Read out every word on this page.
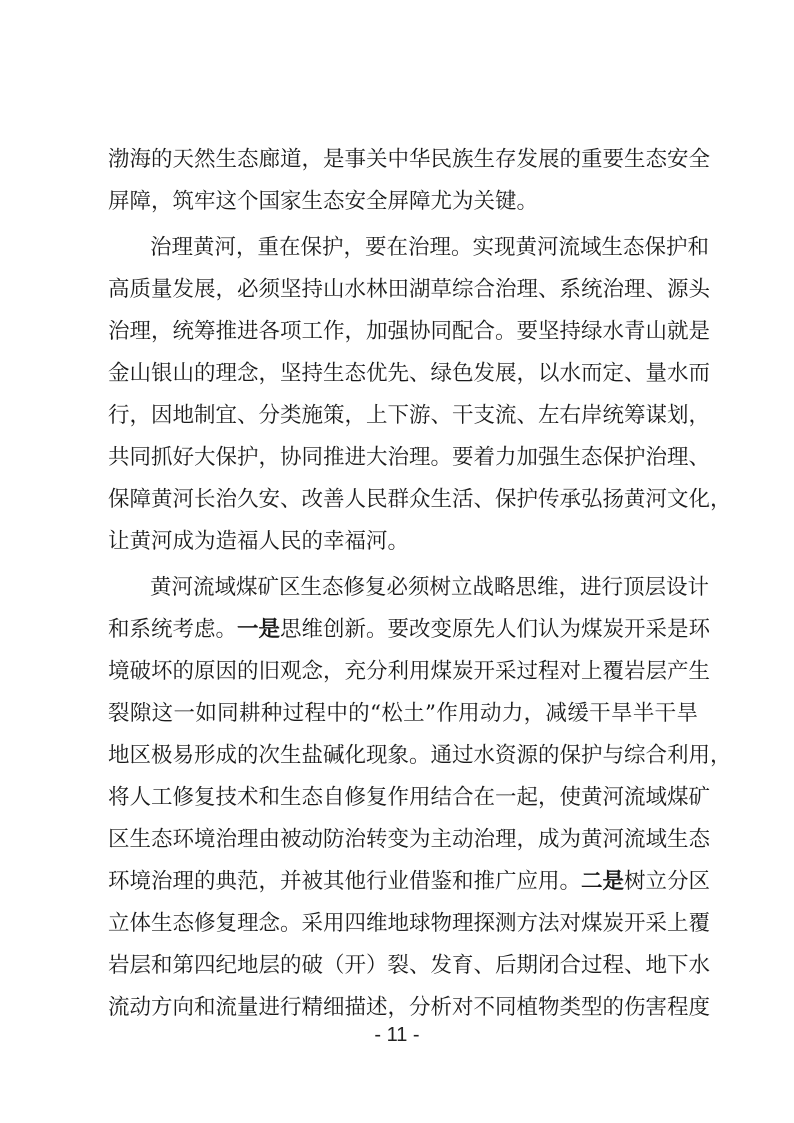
渤海的天然生态廊道，是事关中华民族生存发展的重要生态安全
屏障，筑牢这个国家生态安全屏障尤为关键。
治理黄河，重在保护，要在治理。实现黄河流域生态保护和
高质量发展，必须坚持山水林田湖草综合治理、系统治理、源头
治理，统筹推进各项工作，加强协同配合。要坚持绿水青山就是
金山银山的理念，坚持生态优先、绿色发展，以水而定、量水而
行，因地制宜、分类施策，上下游、干支流、左右岸统筹谋划，
共同抓好大保护，协同推进大治理。要着力加强生态保护治理、
保障黄河长治久安、改善人民群众生活、保护传承弘扬黄河文化，
让黄河成为造福人民的幸福河。
黄河流域煤矿区生态修复必须树立战略思维，进行顶层设计
和系统考虑。一是思维创新。要改变原先人们认为煤炭开采是环
境破坏的原因的旧观念，充分利用煤炭开采过程对上覆岩层产生
裂隙这一如同耕种过程中的“松土”作用动力，减缓干旱半干旱
地区极易形成的次生盐碱化现象。通过水资源的保护与综合利用，
将人工修复技术和生态自修复作用结合在一起，使黄河流域煤矿
区生态环境治理由被动防治转变为主动治理，成为黄河流域生态
环境治理的典范，并被其他行业借鉴和推广应用。二是树立分区
立体生态修复理念。采用四维地球物理探测方法对煤炭开采上覆
岩层和第四纪地层的破（开）裂、发育、后期闭合过程、地下水
流动方向和流量进行精细描述，分析对不同植物类型的伤害程度
- 11 -
